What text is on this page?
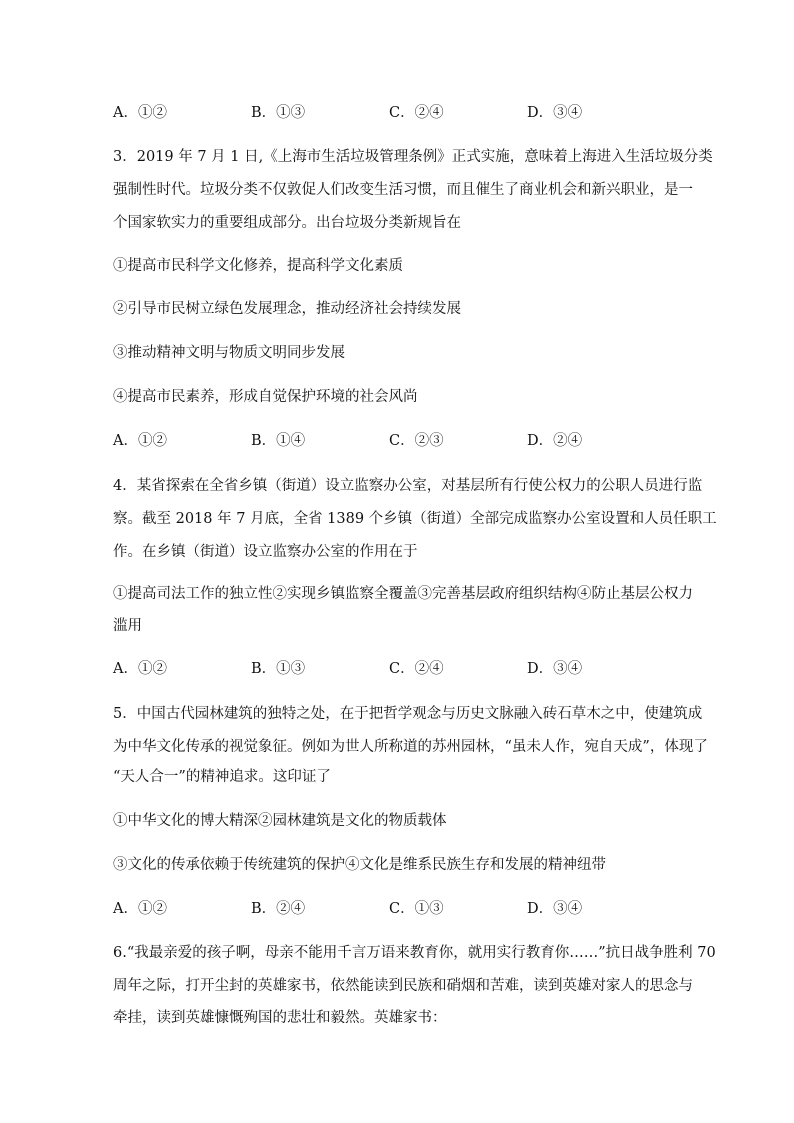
A．①②	B．①③	C．②④	D．③④
3．2019 年 7 月 1 日,《上海市生活垃圾管理条例》正式实施，意味着上海进入生活垃圾分类
强制性时代。垃圾分类不仅敦促人们改变生活习惯，而且催生了商业机会和新兴职业，是一
个国家软实力的重要组成部分。出台垃圾分类新规旨在
①提高市民科学文化修养，提高科学文化素质
②引导市民树立绿色发展理念，推动经济社会持续发展
③推动精神文明与物质文明同步发展
④提高市民素养，形成自觉保护环境的社会风尚
A．①②	B．①④	C．②③	D．②④
4．某省探索在全省乡镇（街道）设立监察办公室，对基层所有行使公权力的公职人员进行监
察。截至 2018 年 7 月底，全省 1389 个乡镇（街道）全部完成监察办公室设置和人员任职工
作。在乡镇（街道）设立监察办公室的作用在于
①提高司法工作的独立性②实现乡镇监察全覆盖③完善基层政府组织结构④防止基层公权力
滥用
A．①②	B．①③	C．②④	D．③④
5．中国古代园林建筑的独特之处，在于把哲学观念与历史文脉融入砖石草木之中，使建筑成
为中华文化传承的视觉象征。例如为世人所称道的苏州园林，“虽未人作，宛自天成”，体现了
“天人合一”的精神追求。这印证了
①中华文化的博大精深②园林建筑是文化的物质载体
③文化的传承依赖于传统建筑的保护④文化是维系民族生存和发展的精神纽带
A．①②	B．②④	C．①③	D．③④
6.“我最亲爱的孩子啊，母亲不能用千言万语来教育你，就用实行教育你……”抗日战争胜利 70
周年之际，打开尘封的英雄家书，依然能读到民族和硝烟和苦难，读到英雄对家人的思念与
牵挂，读到英雄慷慨殉国的悲壮和毅然。英雄家书：
